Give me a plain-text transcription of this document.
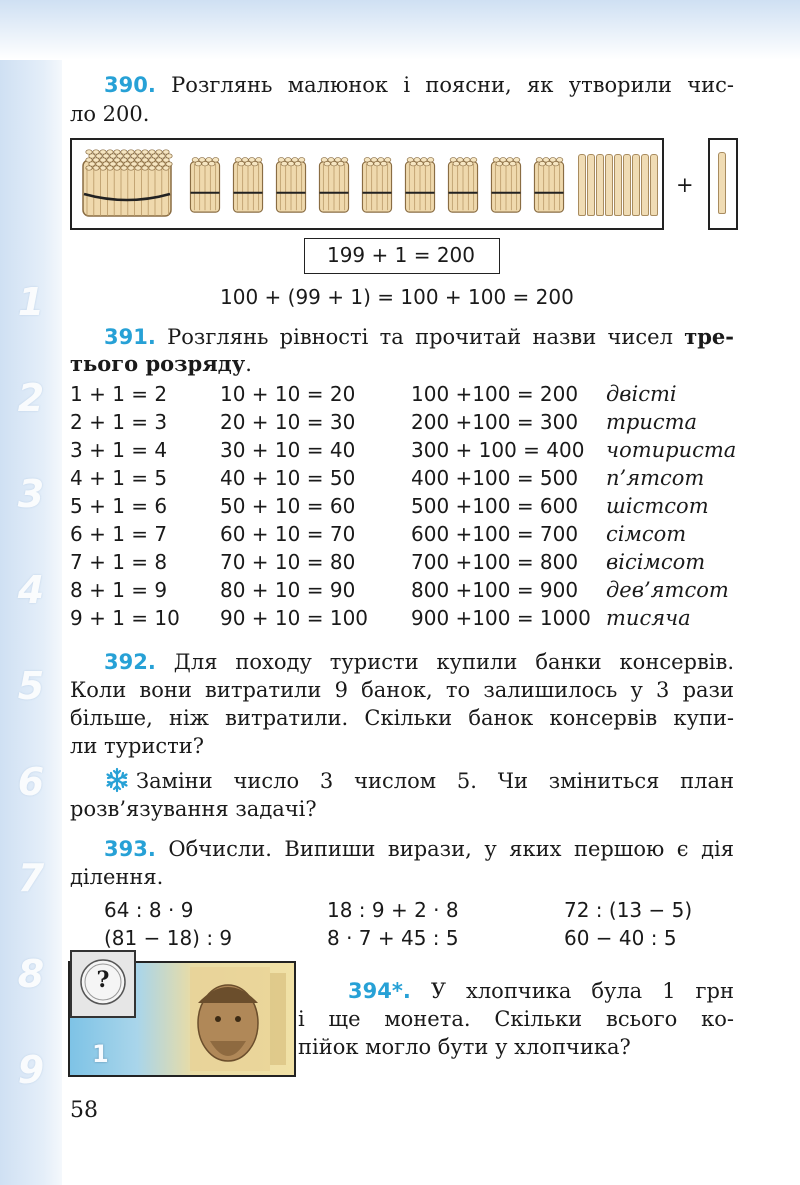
1
2
3
4
5
6
7
8
9
390. Розглянь малюнок і поясни, як утворили чис-
ло 200.
+
199 + 1 = 200
100 + (99 + 1) = 100 + 100 = 200
391. Розглянь рівності та прочитай назви чисел тре-
тього розряду.
1 + 1 = 2	10 + 10 = 20	100 +100 = 200 двісті
2 + 1 = 3	20 + 10 = 30	200 +100 = 300 триста
3 + 1 = 4	30 + 10 = 40	300 + 100 = 400 чотириста
4 + 1 = 5	40 + 10 = 50	400 +100 = 500 п’ятсот
5 + 1 = 6	50 + 10 = 60	500 +100 = 600 шістсот
6 + 1 = 7	60 + 10 = 70	600 +100 = 700 сімсот
7 + 1 = 8	70 + 10 = 80	700 +100 = 800 вісімсот
8 + 1 = 9	80 + 10 = 90	800 +100 = 900 дев’ятсот
9 + 1 = 10 90 + 10 = 100 900 +100 = 1000 тисяча
392. Для походу туристи купили банки консервів.
Коли вони витратили 9 банок, то залишилось у 3 рази
більше, ніж витратили. Скільки банок консервів купи-
ли туристи?
Заміни число 3 числом 5. Чи зміниться план
розв’язування задачі?
393. Обчисли. Випиши вирази, у яких першою є дія
ділення.
64 : 8 · 9	18 : 9 + 2 · 8	72 : (13 − 5)
(81 − 18) : 9	8 · 7 + 45 : 5	60 − 40 : 5
1
?	394*. У хлопчика була 1 грн
і ще монета. Скільки всього ко-
пійок могло бути у хлопчика?
58
